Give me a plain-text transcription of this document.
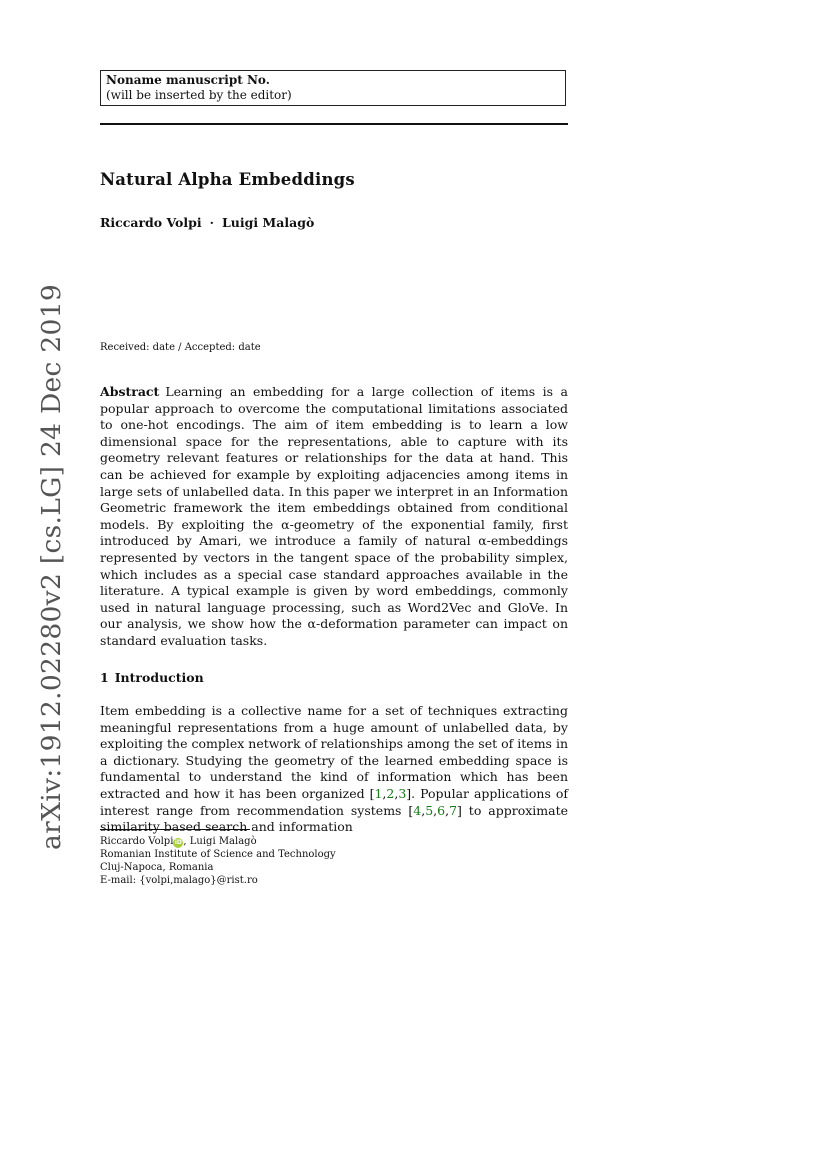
Noname manuscript No.
(will be inserted by the editor)
Natural Alpha Embeddings
Riccardo Volpi · Luigi Malagò
Received: date / Accepted: date
Abstract Learning an embedding for a large collection of items is a popular approach to overcome the computational limitations associated to one-hot encodings. The aim of item embedding is to learn a low dimensional space for the representations, able to capture with its geometry relevant features or relationships for the data at hand. This can be achieved for example by exploiting adjacencies among items in large sets of unlabelled data. In this paper we interpret in an Information Geometric framework the item embeddings obtained from conditional models. By exploiting the α-geometry of the exponential family, first introduced by Amari, we introduce a family of natural α-embeddings represented by vectors in the tangent space of the probability simplex, which includes as a special case standard approaches available in the literature. A typical example is given by word embeddings, commonly used in natural language processing, such as Word2Vec and GloVe. In our analysis, we show how the α-deformation parameter can impact on standard evaluation tasks.
1 Introduction
Item embedding is a collective name for a set of techniques extracting meaningful representations from a huge amount of unlabelled data, by exploiting the complex network of relationships among the set of items in a dictionary. Studying the geometry of the learned embedding space is fundamental to understand the kind of information which has been extracted and how it has been organized [1,2,3]. Popular applications of interest range from recommendation systems [4,5,6,7] to approximate similarity based search and information
Riccardo VolpiiD, Luigi Malagò
Romanian Institute of Science and Technology
Cluj-Napoca, Romania
E-mail: {volpi,malago}@rist.ro
arXiv:1912.02280v2 [cs.LG] 24 Dec 2019
